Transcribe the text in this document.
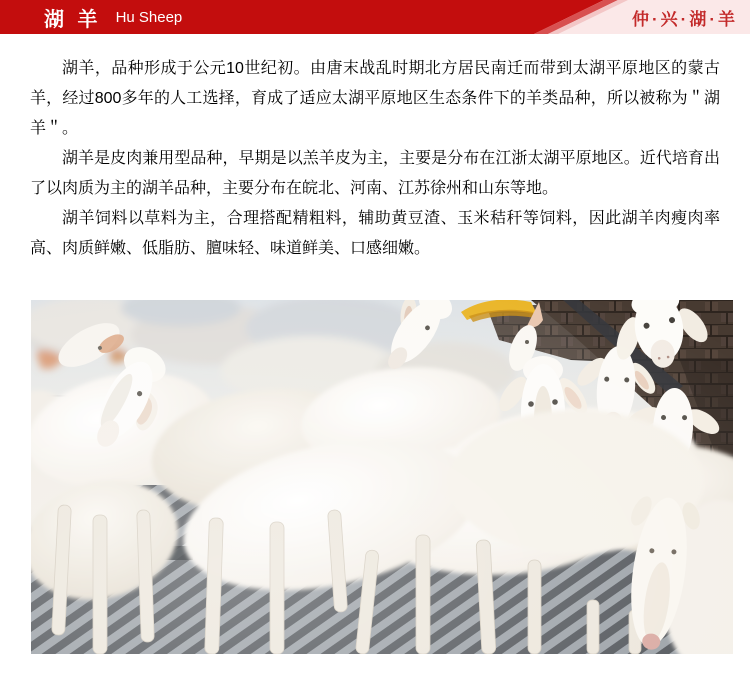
湖 羊 Hu Sheep	仲·兴·湖·羊

湖羊，品种形成于公元10世纪初。由唐末战乱时期北方居民南迁而带到太湖平原地区的蒙古羊，经过800多年的人工选择，育成了适应太湖平原地区生态条件下的羊类品种，所以被称为＂湖羊＂。

湖羊是皮肉兼用型品种，早期是以羔羊皮为主，主要是分布在江浙太湖平原地区。近代培育出了以肉质为主的湖羊品种，主要分布在皖北、河南、江苏徐州和山东等地。

湖羊饲料以草料为主，合理搭配精粗料，辅助黄豆渣、玉米秸秆等饲料，因此湖羊肉瘦肉率高、肉质鲜嫩、低脂肪、膻味轻、味道鲜美、口感细嫩。
